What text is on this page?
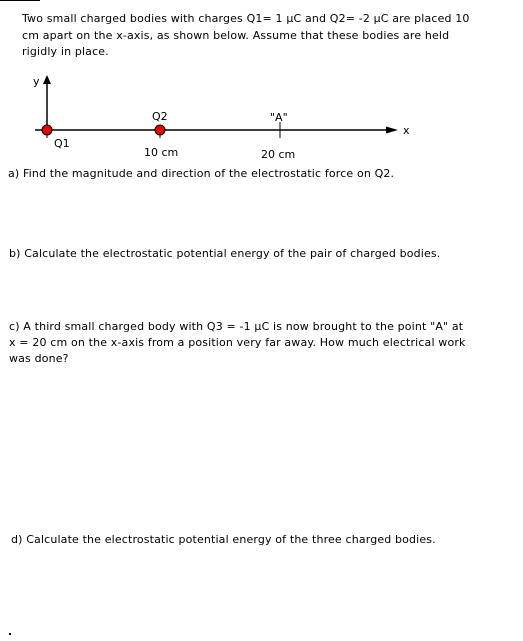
Two small charged bodies with charges Q1= 1 μC and Q2= -2 μC are placed 10
cm apart on the x-axis, as shown below. Assume that these bodies are held
rigidly in place.

y
x
Q1
Q2	"A"
10 cm	20 cm

a) Find the magnitude and direction of the electrostatic force on Q2.

b) Calculate the electrostatic potential energy of the pair of charged bodies.

c) A third small charged body with Q3 = -1 μC is now brought to the point "A" at
x = 20 cm on the x-axis from a position very far away. How much electrical work
was done?

d) Calculate the electrostatic potential energy of the three charged bodies.
